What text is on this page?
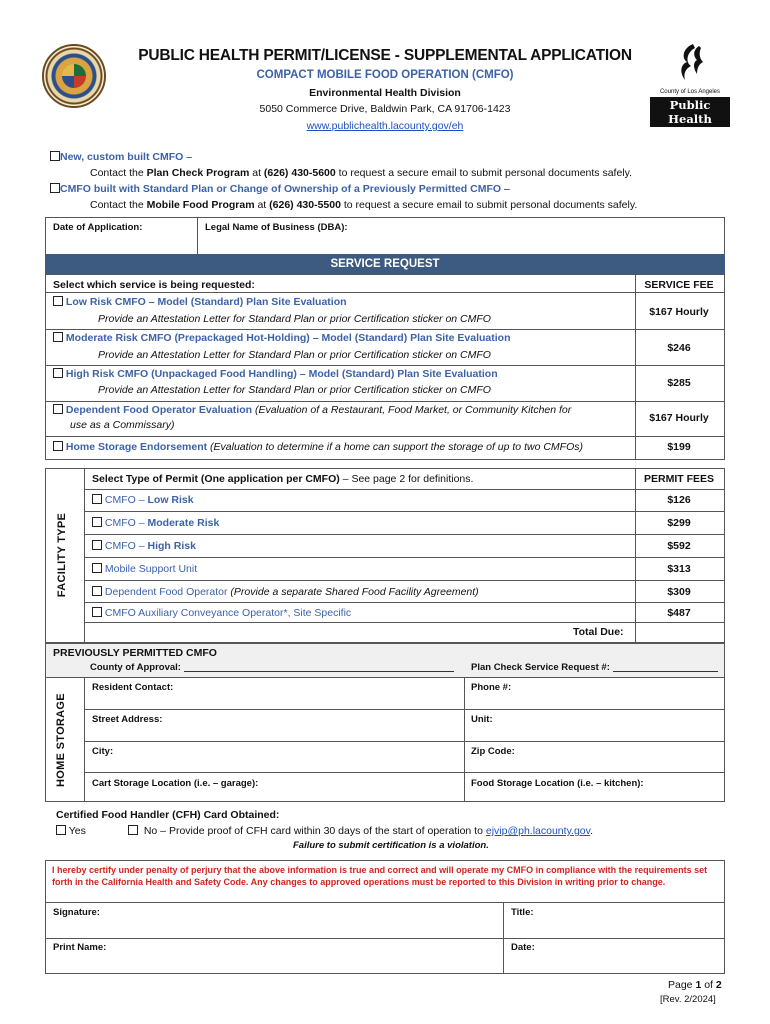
PUBLIC HEALTH PERMIT/LICENSE - SUPPLEMENTAL APPLICATION
COMPACT MOBILE FOOD OPERATION (CMFO)
Environmental Health Division
5050 Commerce Drive, Baldwin Park, CA 91706-1423
www.publichealth.lacounty.gov/eh
County of Los Angeles
Public Health
New, custom built CMFO –
Contact the Plan Check Program at (626) 430-5600 to request a secure email to submit personal documents safely.
CMFO built with Standard Plan or Change of Ownership of a Previously Permitted CMFO –
Contact the Mobile Food Program at (626) 430-5500 to request a secure email to submit personal documents safely.
Date of Application:	Legal Name of Business (DBA):
SERVICE REQUEST
Select which service is being requested:	SERVICE FEE
Low Risk CMFO – Model (Standard) Plan Site Evaluation
Provide an Attestation Letter for Standard Plan or prior Certification sticker on CMFO
$167 Hourly
Moderate Risk CMFO (Prepackaged Hot-Holding) – Model (Standard) Plan Site Evaluation
Provide an Attestation Letter for Standard Plan or prior Certification sticker on CMFO
$246
High Risk CMFO (Unpackaged Food Handling) – Model (Standard) Plan Site Evaluation
Provide an Attestation Letter for Standard Plan or prior Certification sticker on CMFO
$285
Dependent Food Operator Evaluation (Evaluation of a Restaurant, Food Market, or Community Kitchen for
use as a Commissary)
$167 Hourly
Home Storage Endorsement (Evaluation to determine if a home can support the storage of up to two CMFOs)	$199
FACILITY TYPE
Select Type of Permit (One application per CMFO) – See page 2 for definitions.	PERMIT FEES
CMFO – Low Risk	$126
CMFO – Moderate Risk	$299
CMFO – High Risk	$592
Mobile Support Unit	$313
Dependent Food Operator (Provide a separate Shared Food Facility Agreement)	$309
CMFO Auxiliary Conveyance Operator*, Site Specific	$487
Total Due:
PREVIOUSLY PERMITTED CMFO
County of Approval:	Plan Check Service Request #:
HOME STORAGE
Resident Contact:	Phone #:
Street Address:	Unit:
City:	Zip Code:
Cart Storage Location (i.e. – garage):	Food Storage Location (i.e. – kitchen):
Certified Food Handler (CFH) Card Obtained:
Yes	No – Provide proof of CFH card within 30 days of the start of operation to ejvip@ph.lacounty.gov.
Failure to submit certification is a violation.
I hereby certify under penalty of perjury that the above information is true and correct and will operate my CMFO in compliance with the requirements set forth in the California Health and Safety Code. Any changes to approved operations must be reported to this Division in writing prior to change.
Signature:	Title:
Print Name:	Date:
Page 1 of 2
[Rev. 2/2024]
